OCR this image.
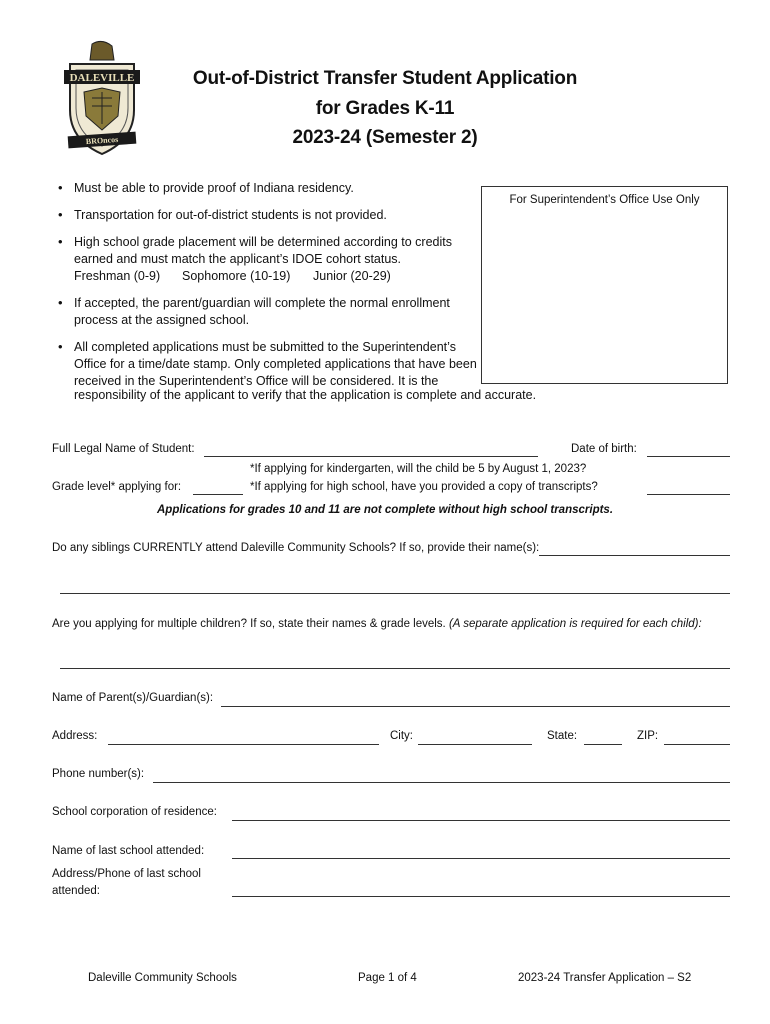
DALEVILLE
BROncos
Out-of-District Transfer Student Application
for Grades K-11
2023-24 (Semester 2)
For Superintendent’s Office Use Only
• Must be able to provide proof of Indiana residency.
• Transportation for out-of-district students is not provided.
• High school grade placement will be determined according to credits earned and must match the applicant’s IDOE cohort status.
Freshman (0-9) Sophomore (10-19) Junior (20-29)
• If accepted, the parent/guardian will complete the normal enrollment process at the assigned school.
• All completed applications must be submitted to the Superintendent’s Office for a time/date stamp. Only completed applications that have been received in the Superintendent’s Office will be considered. It is the
responsibility of the applicant to verify that the application is complete and accurate.
Full Legal Name of Student:	Date of birth:
*If applying for kindergarten, will the child be 5 by August 1, 2023?
Grade level* applying for:	*If applying for high school, have you provided a copy of transcripts?
Applications for grades 10 and 11 are not complete without high school transcripts.
Do any siblings CURRENTLY attend Daleville Community Schools? If so, provide their name(s):
Are you applying for multiple children? If so, state their names & grade levels. (A separate application is required for each child):
Name of Parent(s)/Guardian(s):
Address:	City:	State:	ZIP:
Phone number(s):
School corporation of residence:
Name of last school attended:
Address/Phone of last school
attended:
Daleville Community Schools	Page 1 of 4	2023-24 Transfer Application – S2
